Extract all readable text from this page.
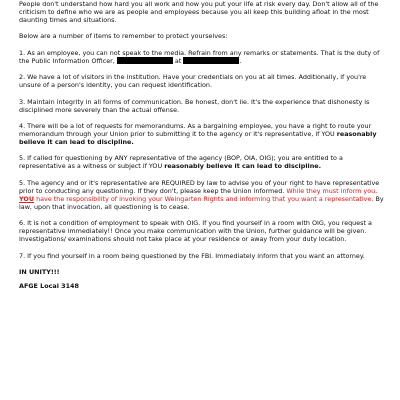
People don't understand how hard you all work and how you put your life at risk every day. Don't allow all of the criticism to define who we are as people and employees because you all keep this building afloat in the most daunting times and situations.

Below are a number of items to remember to protect yourselves:

1. As an employee, you can not speak to the media. Refrain from any remarks or statements. That is the duty of the Public Information Officer,	at	.

2. We have a lot of visitors in the institution. Have your credentials on you at all times. Additionally, if you're unsure of a person's identity, you can request identification.

3. Maintain integrity in all forms of communication. Be honest, don't lie. It's the experience that dishonesty is disciplined more severely than the actual offense.

4. There will be a lot of requests for memorandums. As a bargaining employee, you have a right to route your memorandum through your Union prior to submitting it to the agency or it's representative, if YOU reasonably believe it can lead to discipline.

5. If called for questioning by ANY representative of the agency (BOP, OIA, OIG); you are entitled to a representative as a witness or subject if YOU reasonably believe it can lead to discipline.

5. The agency and or it's representative are REQUIRED by law to advise you of your right to have representative prior to conducting any questioning. If they don't, please keep the Union informed. While they must inform you, YOU have the responsibility of invoking your Weingarten Rights and informing that you want a representative. By law, upon that invocation, all questioning is to cease.

6. It is not a condition of employment to speak with OIG. If you find yourself in a room with OIG, you request a representative immediately!! Once you make communication with the Union, further guidance will be given. Investigations/ examinations should not take place at your residence or away from your duty location.

7. If you find yourself in a room being questioned by the FBI. Immediately inform that you want an attorney.

IN UNITY!!!

AFGE Local 3148
